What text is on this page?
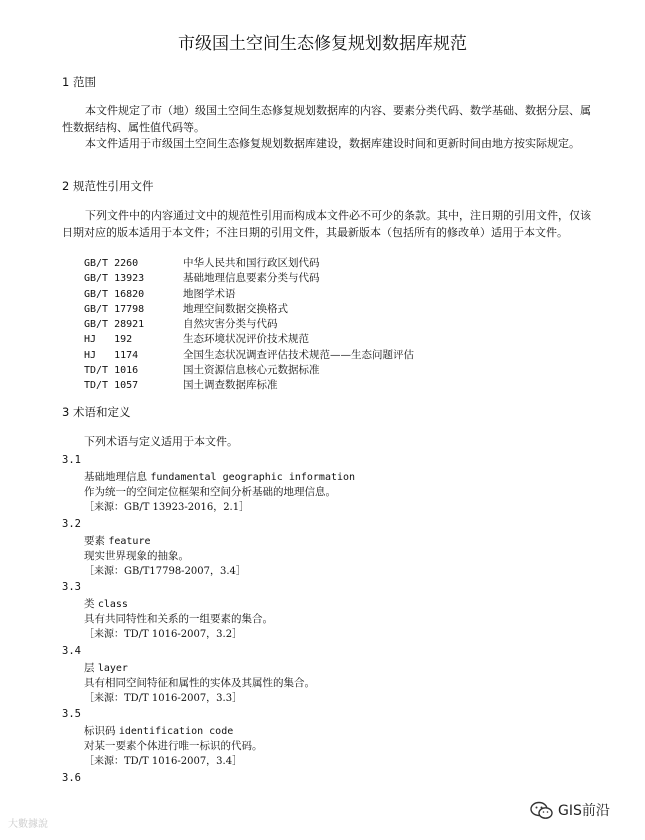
市级国土空间生态修复规划数据库规范
1 范围

本文件规定了市（地）级国土空间生态修复规划数据库的内容、要素分类代码、数学基础、数据分层、属性数据结构、属性值代码等。

本文件适用于市级国土空间生态修复规划数据库建设，数据库建设时间和更新时间由地方按实际规定。

2 规范性引用文件

下列文件中的内容通过文中的规范性引用而构成本文件必不可少的条款。其中，注日期的引用文件，仅该日期对应的版本适用于本文件；不注日期的引用文件，其最新版本（包括所有的修改单）适用于本文件。

GB/T 2260	中华人民共和国行政区划代码
GB/T 13923	基础地理信息要素分类与代码
GB/T 16820	地图学术语
GB/T 17798	地理空间数据交换格式
GB/T 28921	自然灾害分类与代码
HJ   192	生态环境状况评价技术规范
HJ   1174	全国生态状况调查评估技术规范——生态问题评估
TD/T 1016	国土资源信息核心元数据标准
TD/T 1057	国土调查数据库标准
3 术语和定义
下列术语与定义适用于本文件。
3.1
基础地理信息 fundamental geographic information
作为统一的空间定位框架和空间分析基础的地理信息。
［来源：GB/T 13923-2016，2.1］
3.2
要素 feature
现实世界现象的抽象。
［来源：GB/T17798-2007，3.4］
3.3
类 class
具有共同特性和关系的一组要素的集合。
［来源：TD/T 1016-2007，3.2］
3.4
层 layer
具有相同空间特征和属性的实体及其属性的集合。
［来源：TD/T 1016-2007，3.3］
3.5
标识码 identification code
对某一要素个体进行唯一标识的代码。
［来源：TD/T 1016-2007，3.4］
3.6
大數據說
GIS前沿
